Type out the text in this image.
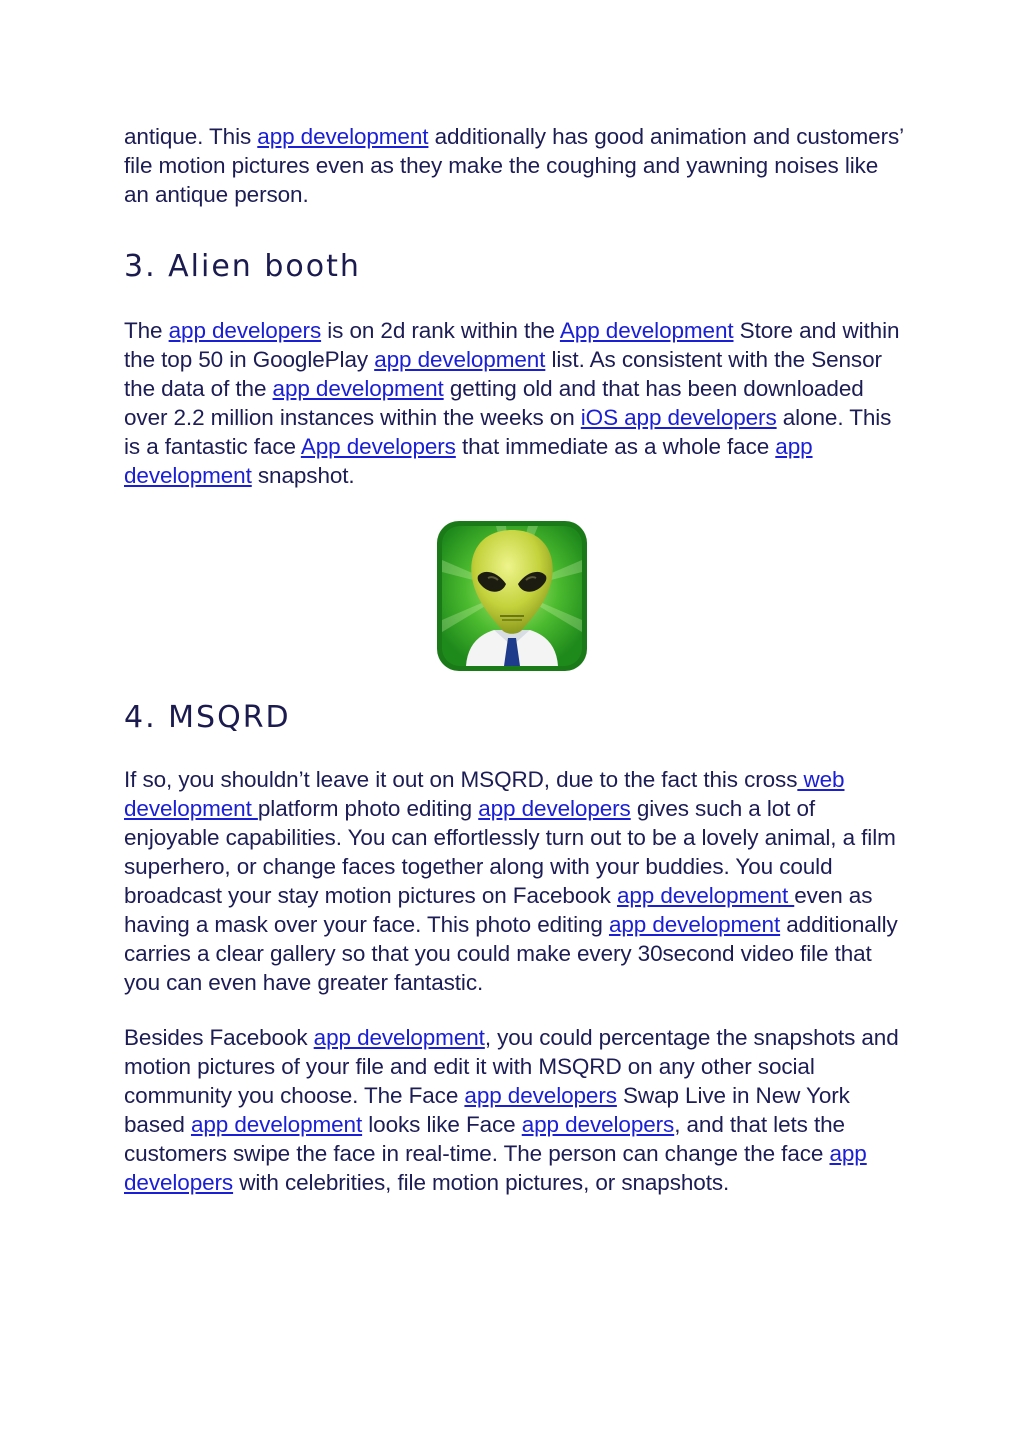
antique. This app development additionally has good animation and customers’ file motion pictures even as they make the coughing and yawning noises like an antique person.

3. Alien booth

The app developers is on 2d rank within the App development Store and within the top 50 in GooglePlay app development list. As consistent with the Sensor the data of the app development getting old and that has been downloaded over 2.2 million instances within the weeks on iOS app developers alone. This is a fantastic face App developers that immediate as a whole face app development snapshot.

4. MSQRD

If so, you shouldn’t leave it out on MSQRD, due to the fact this cross web development platform photo editing app developers gives such a lot of enjoyable capabilities. You can effortlessly turn out to be a lovely animal, a film superhero, or change faces together along with your buddies. You could broadcast your stay motion pictures on Facebook app development even as having a mask over your face. This photo editing app development additionally carries a clear gallery so that you could make every 30second video file that you can even have greater fantastic.

Besides Facebook app development, you could percentage the snapshots and motion pictures of your file and edit it with MSQRD on any other social community you choose. The Face app developers Swap Live in New York based app development looks like Face app developers, and that lets the customers swipe the face in real-time. The person can change the face app developers with celebrities, file motion pictures, or snapshots.
